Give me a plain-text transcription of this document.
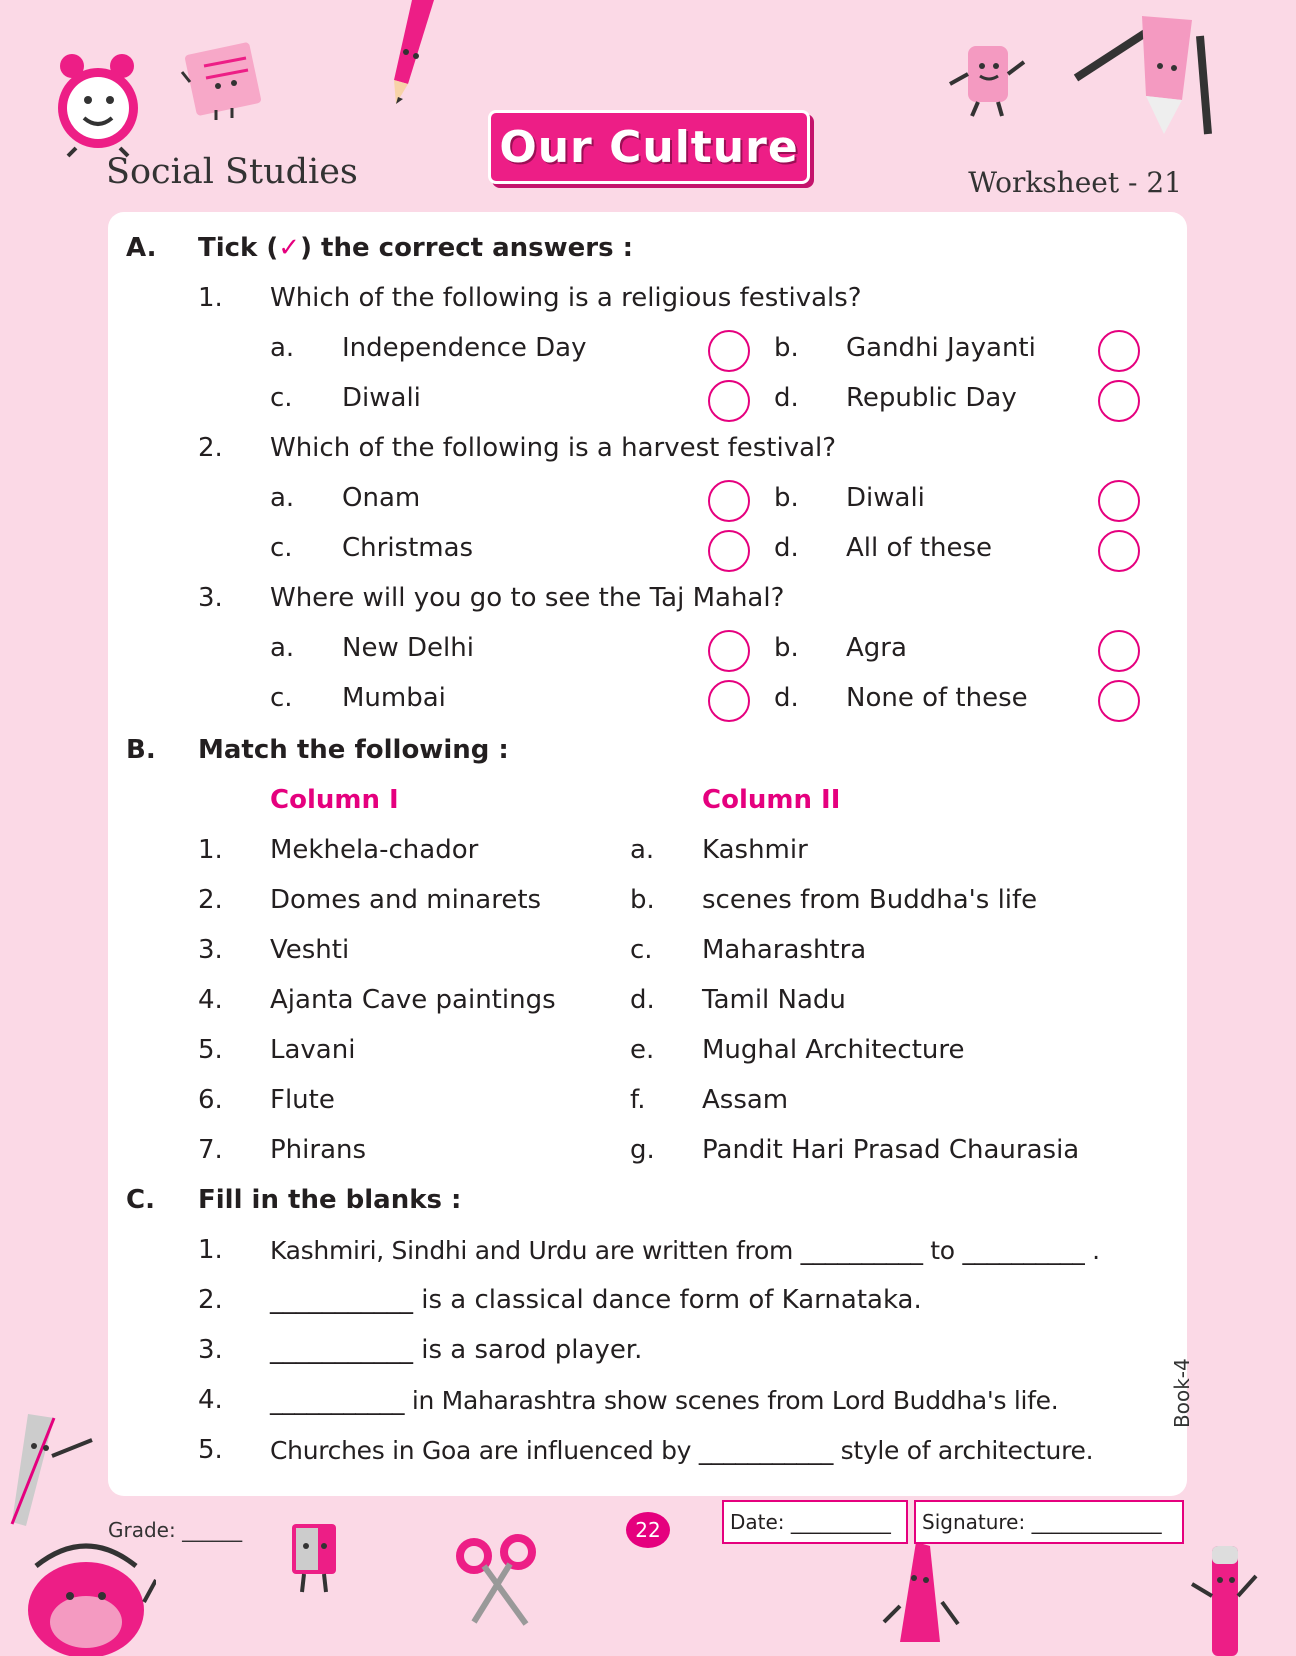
Social Studies	Our Culture
Worksheet - 21
A. Tick ( ✓ ) the correct answers :
1. Which of the following is a religious festivals?
a. Independence Day	b. Gandhi Jayanti
c. Diwali	d. Republic Day
2. Which of the following is a harvest festival?
a. Onam	b. Diwali
c. Christmas	d. All of these
3. Where will you go to see the Taj Mahal?
a. New Delhi	b. Agra
c. Mumbai	d. None of these
B. Match the following :
Column I	Column II
1. Mekhela-chador	a. Kashmir
2. Domes and minarets	b. scenes from Buddha's life
3. Veshti	c. Maharashtra
4. Ajanta Cave paintings	d. Tamil Nadu
5. Lavani	e. Mughal Architecture
6. Flute	f. Assam
7. Phirans	g. Pandit Hari Prasad Chaurasia
C. Fill in the blanks :
1. Kashmiri, Sindhi and Urdu are written from __________ to __________ .
2. ___________ is a classical dance form of Karnataka.
3. ___________ is a sarod player.
4. ___________ in Maharashtra show scenes from Lord Buddha's life.
5. Churches in Goa are influenced by ___________ style of architecture.
Book-4
Grade: ______	22	Date: __________	Signature: _____________
